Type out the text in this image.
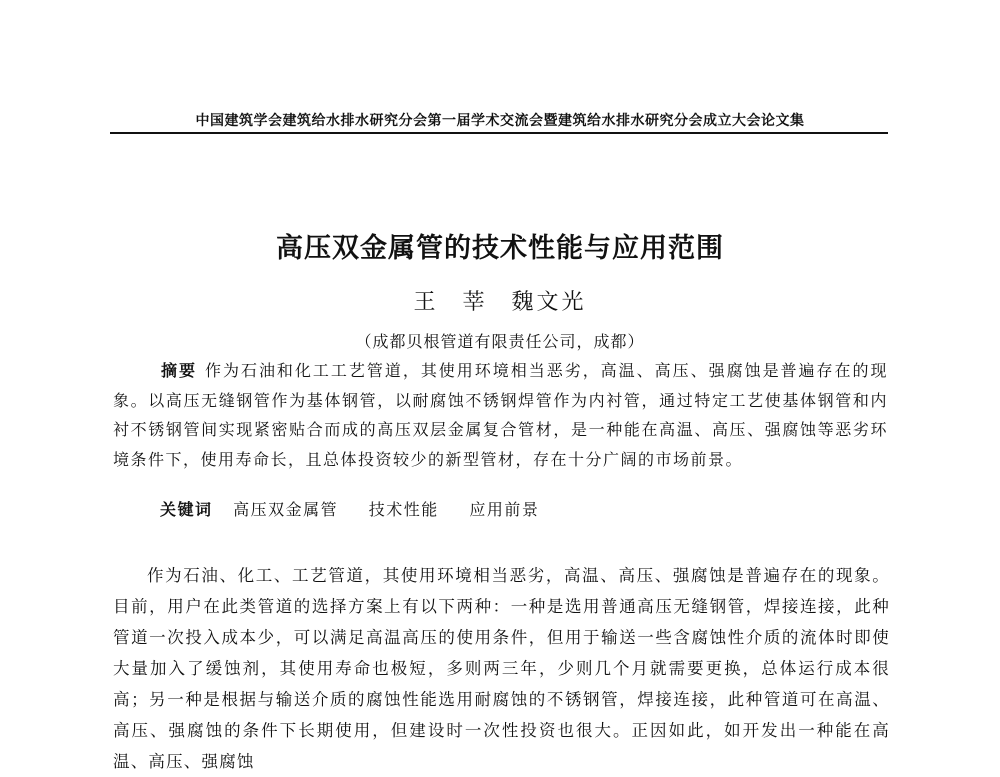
中国建筑学会建筑给水排水研究分会第一届学术交流会暨建筑给水排水研究分会成立大会论文集
高压双金属管的技术性能与应用范围
王 莘 魏文光
（成都贝根管道有限责任公司，成都）

摘要 作为石油和化工工艺管道，其使用环境相当恶劣，高温、高压、强腐蚀是普遍存在的现象。以高压无缝钢管作为基体钢管，以耐腐蚀不锈钢焊管作为内衬管，通过特定工艺使基体钢管和内衬不锈钢管间实现紧密贴合而成的高压双层金属复合管材，是一种能在高温、高压、强腐蚀等恶劣环境条件下，使用寿命长，且总体投资较少的新型管材，存在十分广阔的市场前景。

关键词 高压双金属管 技术性能 应用前景

作为石油、化工、工艺管道，其使用环境相当恶劣，高温、高压、强腐蚀是普遍存在的现象。目前，用户在此类管道的选择方案上有以下两种：一种是选用普通高压无缝钢管，焊接连接，此种管道一次投入成本少，可以满足高温高压的使用条件，但用于输送一些含腐蚀性介质的流体时即使大量加入了缓蚀剂，其使用寿命也极短，多则两三年，少则几个月就需要更换，总体运行成本很高；另一种是根据与输送介质的腐蚀性能选用耐腐蚀的不锈钢管，焊接连接，此种管道可在高温、高压、强腐蚀的条件下长期使用，但建设时一次性投资也很大。正因如此，如开发出一种能在高温、高压、强腐蚀
